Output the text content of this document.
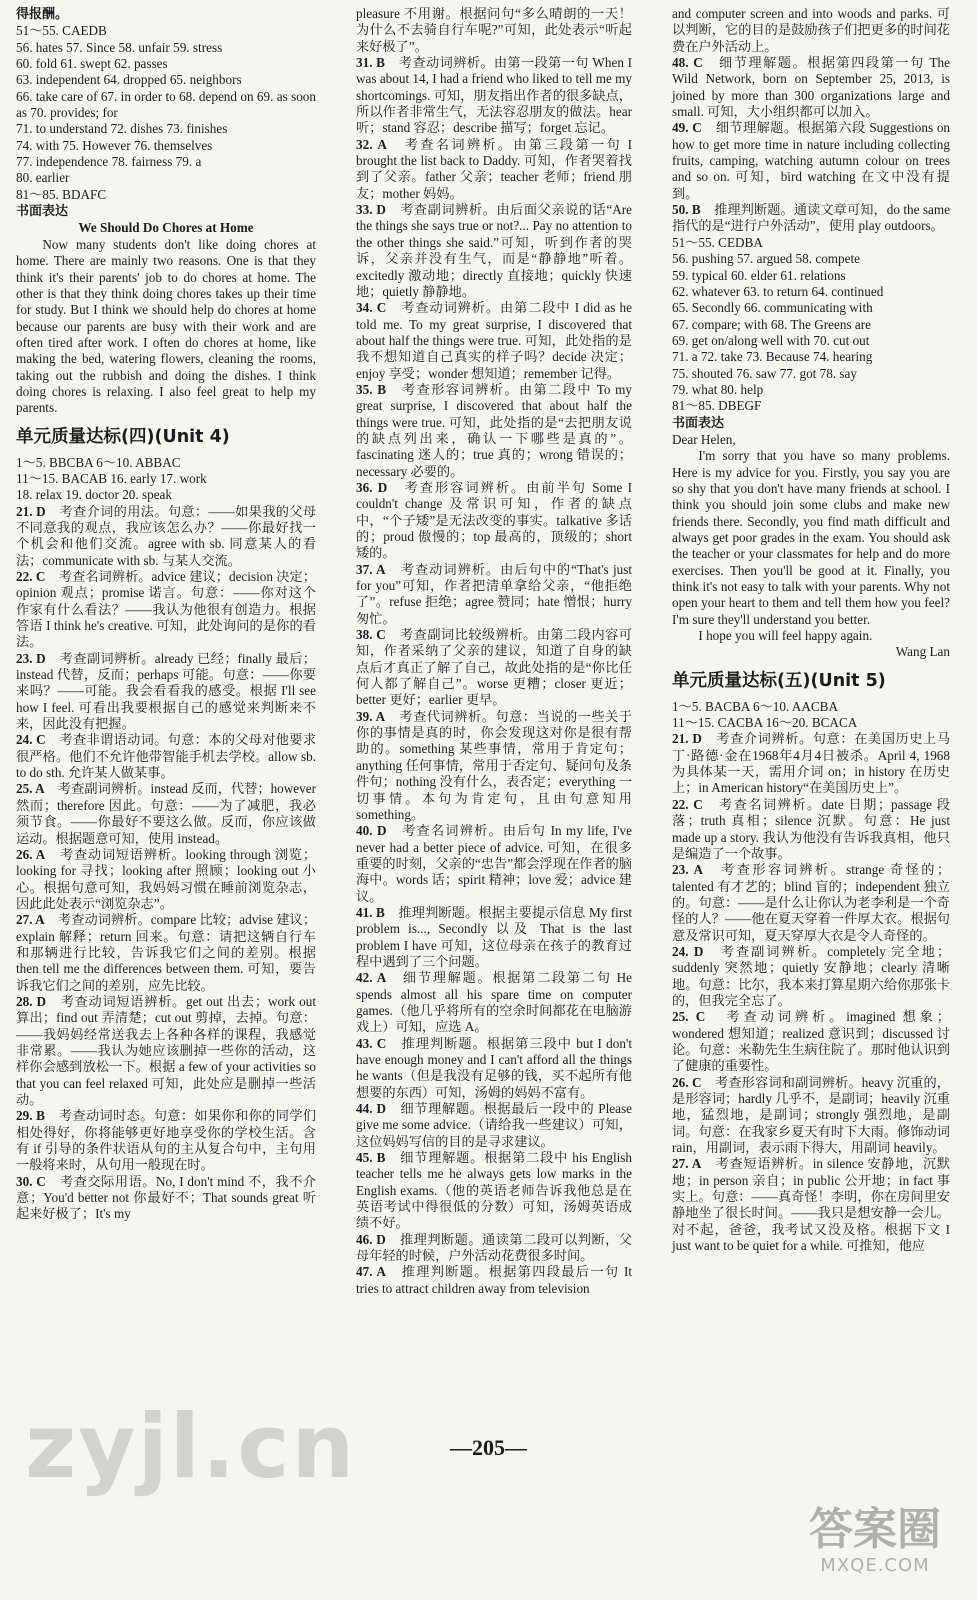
得报酬。
51～55. CAEDB
56. hates 57. Since 58. unfair 59. stress
60. fold 61. swept 62. passes
63. independent 64. dropped 65. neighbors
66. take care of 67. in order to 68. depend on 69. as soon as 70. provides; for
71. to understand 72. dishes 73. finishes
74. with 75. However 76. themselves
77. independence 78. fairness 79. a
80. earlier
81～85. BDAFC
书面表达
We Should Do Chores at Home
Now many students don't like doing chores at home. There are mainly two reasons. One is that they think it's their parents' job to do chores at home. The other is that they think doing chores takes up their time for study. But I think we should help do chores at home because our parents are busy with their work and are often tired after work. I often do chores at home, like making the bed, watering flowers, cleaning the rooms, taking out the rubbish and doing the dishes. I think doing chores is relaxing. I also feel great to help my parents.
单元质量达标(四)(Unit 4)
1～5. BBCBA 6～10. ABBAC
11～15. BACAB 16. early 17. work
18. relax 19. doctor 20. speak
21. D　 考查介词的用法。句意：——如果我的父母不同意我的观点，我应该怎么办？——你最好找一个机会和他们交流。agree with sb. 同意某人的看法；communicate with sb. 与某人交流。
22. C　 考查名词辨析。advice 建议；decision 决定；opinion 观点；promise 诺言。句意：——你对这个作家有什么看法？——我认为他很有创造力。根据答语 I think he's creative. 可知，此处询问的是你的看法。
23. D　 考查副词辨析。already 已经；finally 最后；instead 代替，反而；perhaps 可能。句意：——你要来吗？——可能。我会看看我的感受。根据 I'll see how I feel. 可看出我要根据自己的感觉来判断来不来，因此没有把握。
24. C　 考查非谓语动词。句意：本的父母对他要求很严格。他们不允许他带智能手机去学校。allow sb. to do sth. 允许某人做某事。
25. A　 考查副词辨析。instead 反而，代替；however 然而；therefore 因此。句意：——为了减肥，我必须节食。——你最好不要这么做。反而，你应该做运动。根据题意可知，使用 instead。
26. A　 考查动词短语辨析。looking through 浏览；looking for 寻找；looking after 照顾；looking out 小心。根据句意可知，我妈妈习惯在睡前浏览杂志，因此此处表示“浏览杂志”。
27. A　 考查动词辨析。compare 比较；advise 建议；explain 解释；return 回来。句意：请把这辆自行车和那辆进行比较，告诉我它们之间的差别。根据 then tell me the differences between them. 可知，要告诉我它们之间的差别，应先比较。
28. D　 考查动词短语辨析。get out 出去；work out 算出；find out 弄清楚；cut out 剪掉，去掉。句意：——我妈妈经常送我去上各种各样的课程，我感觉非常累。——我认为她应该删掉一些你的活动，这样你会感到放松一下。根据 a few of your activities so that you can feel relaxed 可知，此处应是删掉一些活动。
29. B　 考查动词时态。句意：如果你和你的同学们相处得好，你将能够更好地享受你的学校生活。含有 if 引导的条件状语从句的主从复合句中，主句用一般将来时，从句用一般现在时。
30. C　 考查交际用语。No, I don't mind 不，我不介意；You'd better not 你最好不；That sounds great 听起来好极了；It's my
pleasure 不用谢。根据问句“多么晴朗的一天！为什么不去骑自行车呢?”可知，此处表示“听起来好极了”。
31. B　 考查动词辨析。由第一段第一句 When I was about 14, I had a friend who liked to tell me my shortcomings. 可知，朋友指出作者的很多缺点，所以作者非常生气，无法容忍朋友的做法。hear 听；stand 容忍；describe 描写；forget 忘记。
32. A　 考查名词辨析。由第三段第一句 I brought the list back to Daddy. 可知，作者哭着找到了父亲。father 父亲；teacher 老师；friend 朋友；mother 妈妈。
33. D　 考查副词辨析。由后面父亲说的话“Are the things she says true or not?... Pay no attention to the other things she said.”可知，听到作者的哭诉，父亲并没有生气，而是“静静地”听着。excitedly 激动地；directly 直接地；quickly 快速地；quietly 静静地。
34. C　 考查动词辨析。由第二段中 I did as he told me. To my great surprise, I discovered that about half the things were true. 可知，此处指的是我不想知道自己真实的样子吗？decide 决定；enjoy 享受；wonder 想知道；remember 记得。
35. B　 考查形容词辨析。由第二段中 To my great surprise, I discovered that about half the things were true. 可知，此处指的是“去把朋友说的缺点列出来，确认一下哪些是真的”。fascinating 迷人的；true 真的；wrong 错误的；necessary 必要的。
36. D　 考查形容词辨析。由前半句 Some I couldn't change 及常识可知，作者的缺点中，“个子矮”是无法改变的事实。talkative 多话的；proud 傲慢的；top 最高的，顶级的；short 矮的。
37. A　 考查动词辨析。由后句中的“That's just for you”可知，作者把清单拿给父亲，“他拒绝了”。refuse 拒绝；agree 赞同；hate 憎恨；hurry 匆忙。
38. C　 考查副词比较级辨析。由第二段内容可知，作者采纳了父亲的建议，知道了自身的缺点后才真正了解了自己，故此处指的是“你比任何人都了解自己”。worse 更糟；closer 更近；better 更好；earlier 更早。
39. A　 考查代词辨析。句意：当说的一些关于你的事情是真的时，你会发现这对你是很有帮助的。something 某些事情，常用于肯定句；anything 任何事情，常用于否定句、疑问句及条件句；nothing 没有什么，表否定；everything 一切事情。本句为肯定句，且由句意知用 something。
40. D　 考查名词辨析。由后句 In my life, I've never had a better piece of advice. 可知，在很多重要的时刻，父亲的“忠告”都会浮现在作者的脑海中。words 话；spirit 精神；love 爱；advice 建议。
41. B　 推理判断题。根据主要提示信息 My first problem is..., Secondly 以及 That is the last problem I have 可知，这位母亲在孩子的教育过程中遇到了三个问题。
42. A　 细节理解题。根据第二段第二句 He spends almost all his spare time on computer games.（他几乎将所有的空余时间都花在电脑游戏上）可知，应选 A。
43. C　 推理判断题。根据第三段中 but I don't have enough money and I can't afford all the things he wants（但是我没有足够的钱，买不起所有他想要的东西）可知，汤姆的妈妈不富有。
44. D　 细节理解题。根据最后一段中的 Please give me some advice.（请给我一些建议）可知，这位妈妈写信的目的是寻求建议。
45. B　 细节理解题。根据第二段中 his English teacher tells me he always gets low marks in the English exams.（他的英语老师告诉我他总是在英语考试中得很低的分数）可知，汤姆英语成绩不好。
46. D　 推理判断题。通读第二段可以判断，父母年轻的时候，户外活动花费很多时间。
47. A　 推理判断题。根据第四段最后一句 It tries to attract children away from television
and computer screen and into woods and parks. 可以判断，它的目的是鼓励孩子们把更多的时间花费在户外活动上。
48. C　 细节理解题。根据第四段第一句 The Wild Network, born on September 25, 2013, is joined by more than 300 organizations large and small. 可知，大小组织都可以加入。
49. C　 细节理解题。根据第六段 Suggestions on how to get more time in nature including collecting fruits, camping, watching autumn colour on trees and so on. 可知，bird watching 在文中没有提到。
50. B　 推理判断题。通读文章可知，do the same 指代的是“进行户外活动”，使用 play outdoors。
51～55. CEDBA
56. pushing 57. argued 58. compete
59. typical 60. elder 61. relations
62. whatever 63. to return 64. continued
65. Secondly 66. communicating with
67. compare; with 68. The Greens are
69. get on/along well with 70. cut out
71. a 72. take 73. Because 74. hearing
75. shouted 76. saw 77. got 78. say
79. what 80. help
81～85. DBEGF
书面表达
Dear Helen,
I'm sorry that you have so many problems. Here is my advice for you. Firstly, you say you are so shy that you don't have many friends at school. I think you should join some clubs and make new friends there. Secondly, you find math difficult and always get poor grades in the exam. You should ask the teacher or your classmates for help and do more exercises. Then you'll be good at it. Finally, you think it's not easy to talk with your parents. Why not open your heart to them and tell them how you feel? I'm sure they'll understand you better.
I hope you will feel happy again.
Wang Lan
单元质量达标(五)(Unit 5)
1～5. BACBA 6～10. AACBA
11～15. CACBA 16～20. BCACA
21. D　 考查介词辨析。句意：在美国历史上马丁·路德·金在1968年4月4日被杀。April 4, 1968 为具体某一天，需用介词 on；in history 在历史上；in American history“在美国历史上”。
22. C　 考查名词辨析。date 日期；passage 段落；truth 真相；silence 沉默。句意：He just made up a story. 我认为他没有告诉我真相，他只是编造了一个故事。
23. A　 考查形容词辨析。strange 奇怪的；talented 有才艺的；blind 盲的；independent 独立的。句意：——是什么让你认为老李利是一个奇怪的人？——他在夏天穿着一件厚大衣。根据句意及常识可知，夏天穿厚大衣是令人奇怪的。
24. D　 考查副词辨析。completely 完全地；suddenly 突然地；quietly 安静地；clearly 清晰地。句意：比尔，我本来打算星期六给你那张卡的，但我完全忘了。
25. C　 考查动词辨析。imagined 想象；wondered 想知道；realized 意识到；discussed 讨论。句意：米勒先生生病住院了。那时他认识到了健康的重要性。
26. C　 考查形容词和副词辨析。heavy 沉重的，是形容词；hardly 几乎不，是副词；heavily 沉重地，猛烈地，是副词；strongly 强烈地，是副词。句意：在我家乡夏天有时下大雨。修饰动词 rain，用副词，表示雨下得大，用副词 heavily。
27. A　 考查短语辨析。in silence 安静地，沉默地；in person 亲自；in public 公开地；in fact 事实上。句意：——真奇怪！李明，你在房间里安静地坐了很长时间。——我只是想安静一会儿。对不起，爸爸，我考试又没及格。根据下文 I just want to be quiet for a while. 可推知，他应
—205—
zyjl.cn
答案圈
MXQE.COM
